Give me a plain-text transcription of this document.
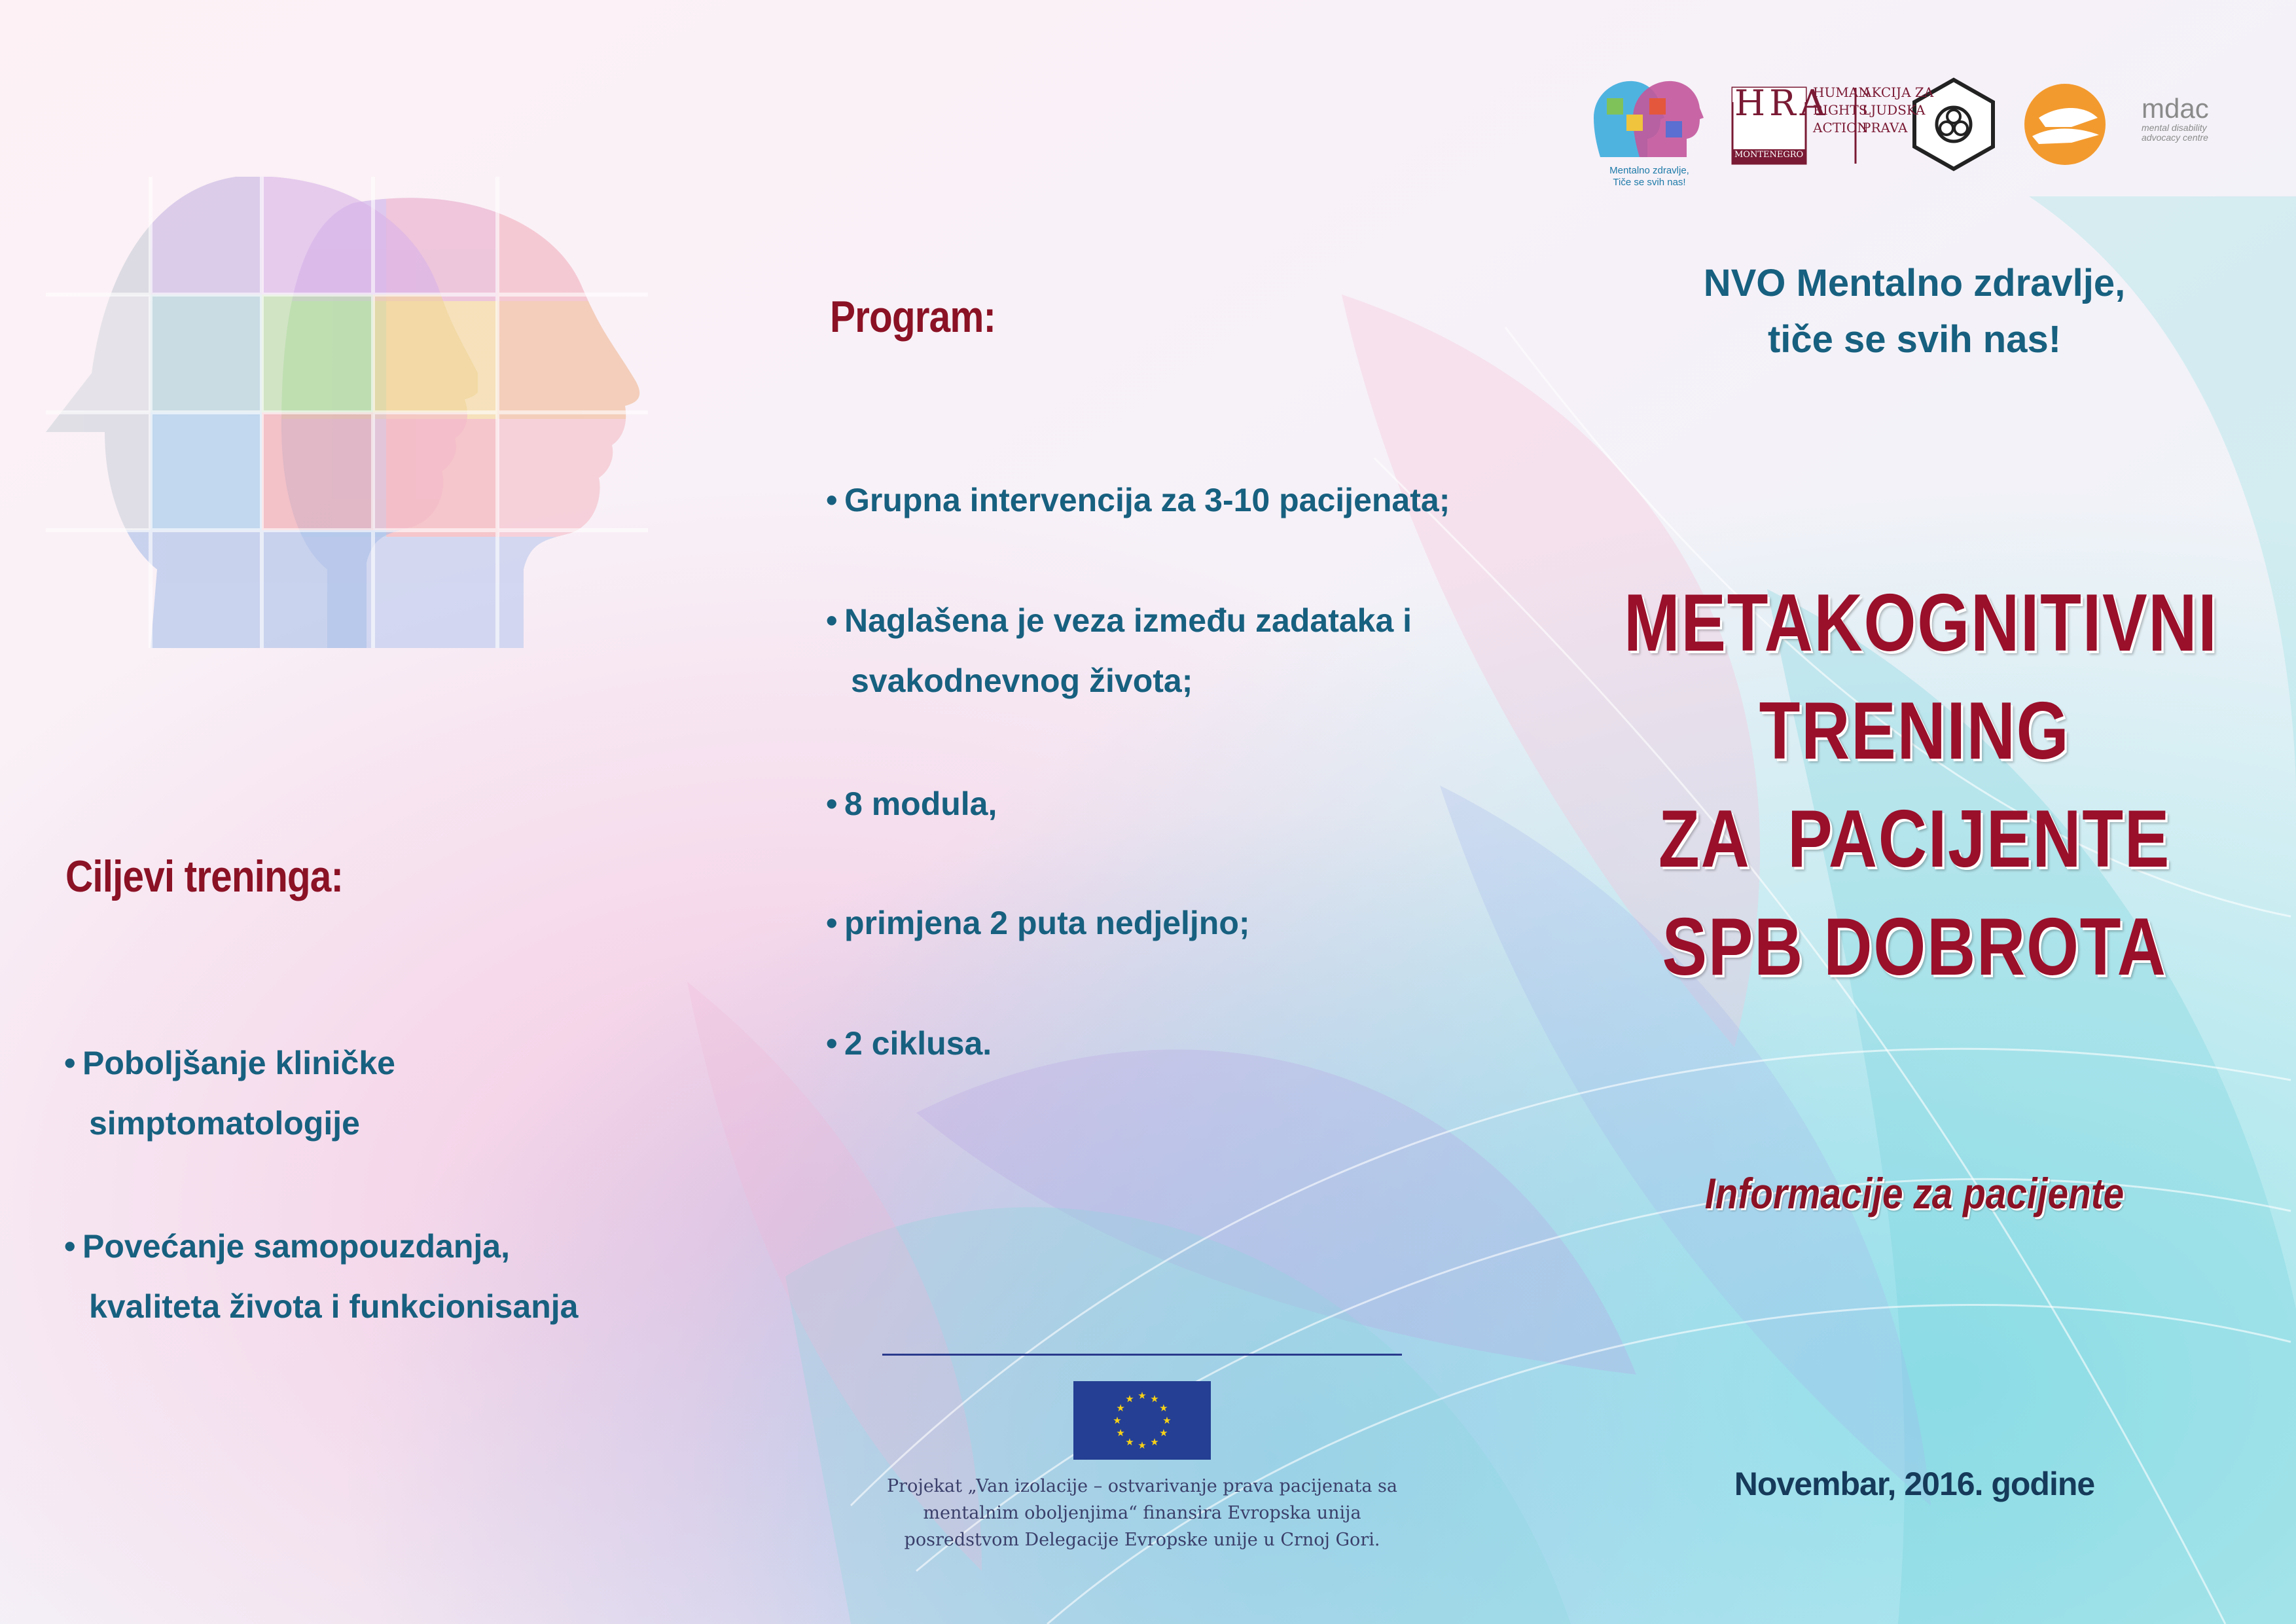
Mentalno zdravlje,
Tiče se svih nas!
HRA
MONTENEGRO
HUMAN
RIGHTS
ACTION
AKCIJA ZA
LJUDSKA
PRAVA
mdac
mental disability
advocacy centre
NVO Mentalno zdravlje,
tiče se svih nas!
METAKOGNITIVNI
TRENING
ZA  PACIJENTE
SPB DOBROTA
Informacije za pacijente
Novembar, 2016. godine
Program:
• Grupna intervencija za 3-10 pacijenata;
• Naglašena je veza između zadataka i
svakodnevnog života;
• 8 modula,
• primjena 2 puta nedjeljno;
• 2 ciklusa.
Ciljevi treninga:
• Poboljšanje kliničke
simptomatologije
• Povećanje samopouzdanja,
kvaliteta života i funkcionisanja
★ ★
★
★
★
★
★
★
★
★
★
★
Projekat „Van izolacije – ostvarivanje prava pacijenata sa
mentalnim oboljenjima“ finansira Evropska unija
posredstvom Delegacije Evropske unije u Crnoj Gori.
